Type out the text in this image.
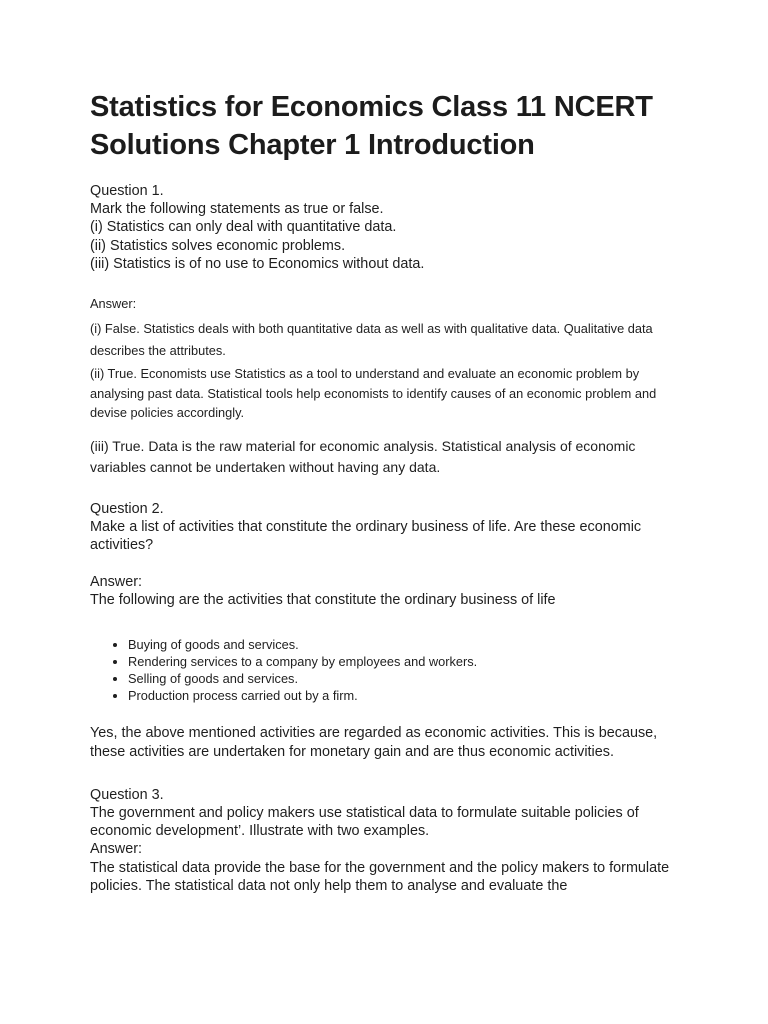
Statistics for Economics Class 11 NCERT Solutions Chapter 1 Introduction

Question 1.

Mark the following statements as true or false.

(i) Statistics can only deal with quantitative data.

(ii) Statistics solves economic problems.

(iii) Statistics is of no use to Economics without data.

Answer:

(i) False. Statistics deals with both quantitative data as well as with qualitative data. Qualitative data describes the attributes.

(ii) True. Economists use Statistics as a tool to understand and evaluate an economic problem by analysing past data. Statistical tools help economists to identify causes of an economic problem and devise policies accordingly.

(iii) True. Data is the raw material for economic analysis. Statistical analysis of economic variables cannot be undertaken without having any data.

Question 2.

Make a list of activities that constitute the ordinary business of life. Are these economic activities?

Answer:

The following are the activities that constitute the ordinary business of life

• Buying of goods and services.
• Rendering services to a company by employees and workers.
• Selling of goods and services.
• Production process carried out by a firm.

Yes, the above mentioned activities are regarded as economic activities. This is because, these activities are undertaken for monetary gain and are thus economic activities.

Question 3.

The government and policy makers use statistical data to formulate suitable policies of economic development’. Illustrate with two examples.

Answer:

The statistical data provide the base for the government and the policy makers to formulate policies. The statistical data not only help them to analyse and evaluate the
